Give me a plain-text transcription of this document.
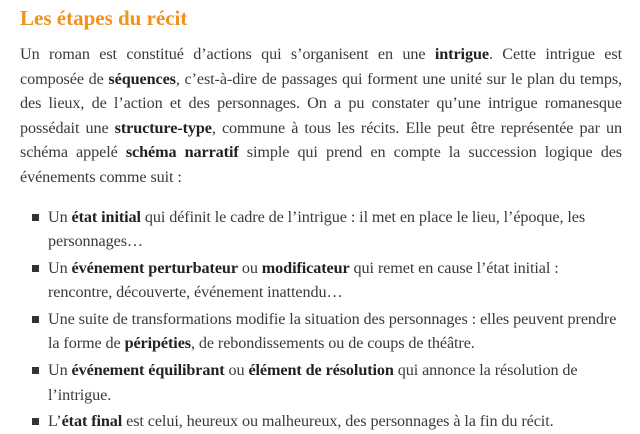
Les étapes du récit

Un roman est constitué d’actions qui s’organisent en une intrigue. Cette intrigue est composée de séquences, c’est-à-dire de passages qui forment une unité sur le plan du temps, des lieux, de l’action et des personnages. On a pu constater qu’une intrigue romanesque possédait une structure-type, commune à tous les récits. Elle peut être représentée par un schéma appelé schéma narratif simple qui prend en compte la succession logique des événements comme suit :

Un état initial qui définit le cadre de l’intrigue : il met en place le lieu, l’époque, les personnages…
Un événement perturbateur ou modificateur qui remet en cause l’état initial : rencontre, découverte, événement inattendu…
Une suite de transformations modifie la situation des personnages : elles peuvent prendre la forme de péripéties, de rebondissements ou de coups de théâtre.
Un événement équilibrant ou élément de résolution qui annonce la résolution de l’intrigue.
L’état final est celui, heureux ou malheureux, des personnages à la fin du récit.
